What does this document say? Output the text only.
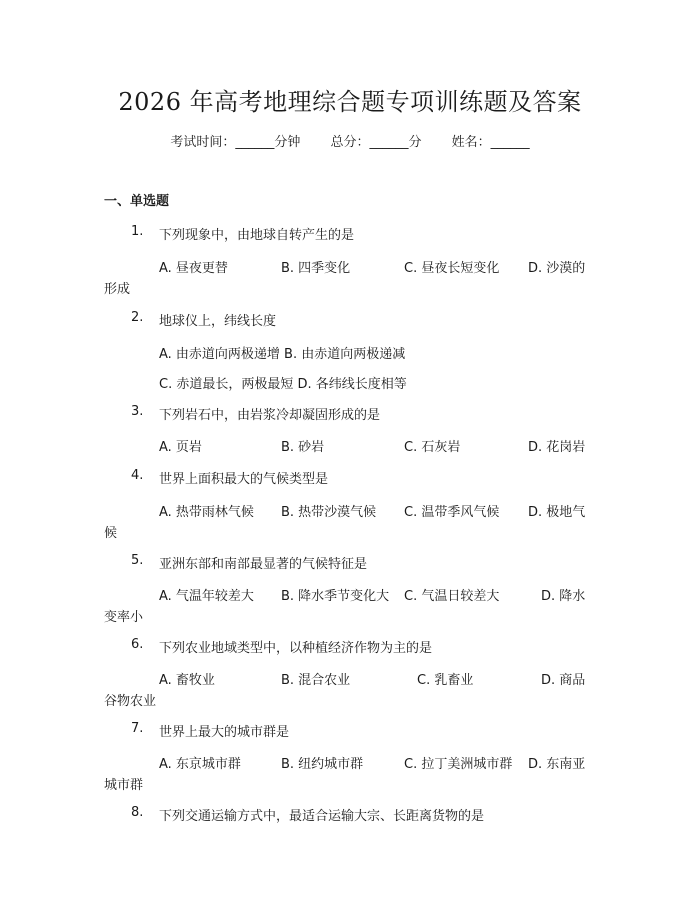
2026 年高考地理综合题专项训练题及答案
考试时间：______分钟 总分：______分 姓名：______
一、单选题
1. 下列现象中，由地球自转产生的是
A. 昼夜更替	B. 四季变化	C. 昼夜长短变化 D. 沙漠的
形成
2. 地球仪上，纬线长度
A. 由赤道向两极递增 B. 由赤道向两极递减
C. 赤道最长，两极最短 D. 各纬线长度相等
3. 下列岩石中，由岩浆冷却凝固形成的是
A. 页岩	B. 砂岩	C. 石灰岩	D. 花岗岩
4. 世界上面积最大的气候类型是
A. 热带雨林气候 B. 热带沙漠气候 C. 温带季风气候 D. 极地气
候
5. 亚洲东部和南部最显著的气候特征是
A. 气温年较差大 B. 降水季节变化大 C. 气温日较差大	D. 降水
变率小
6. 下列农业地域类型中，以种植经济作物为主的是
A. 畜牧业	B. 混合农业	C. 乳畜业	D. 商品
谷物农业
7. 世界上最大的城市群是
A. 东京城市群	B. 纽约城市群	C. 拉丁美洲城市群 D. 东南亚
城市群
8. 下列交通运输方式中，最适合运输大宗、长距离货物的是
